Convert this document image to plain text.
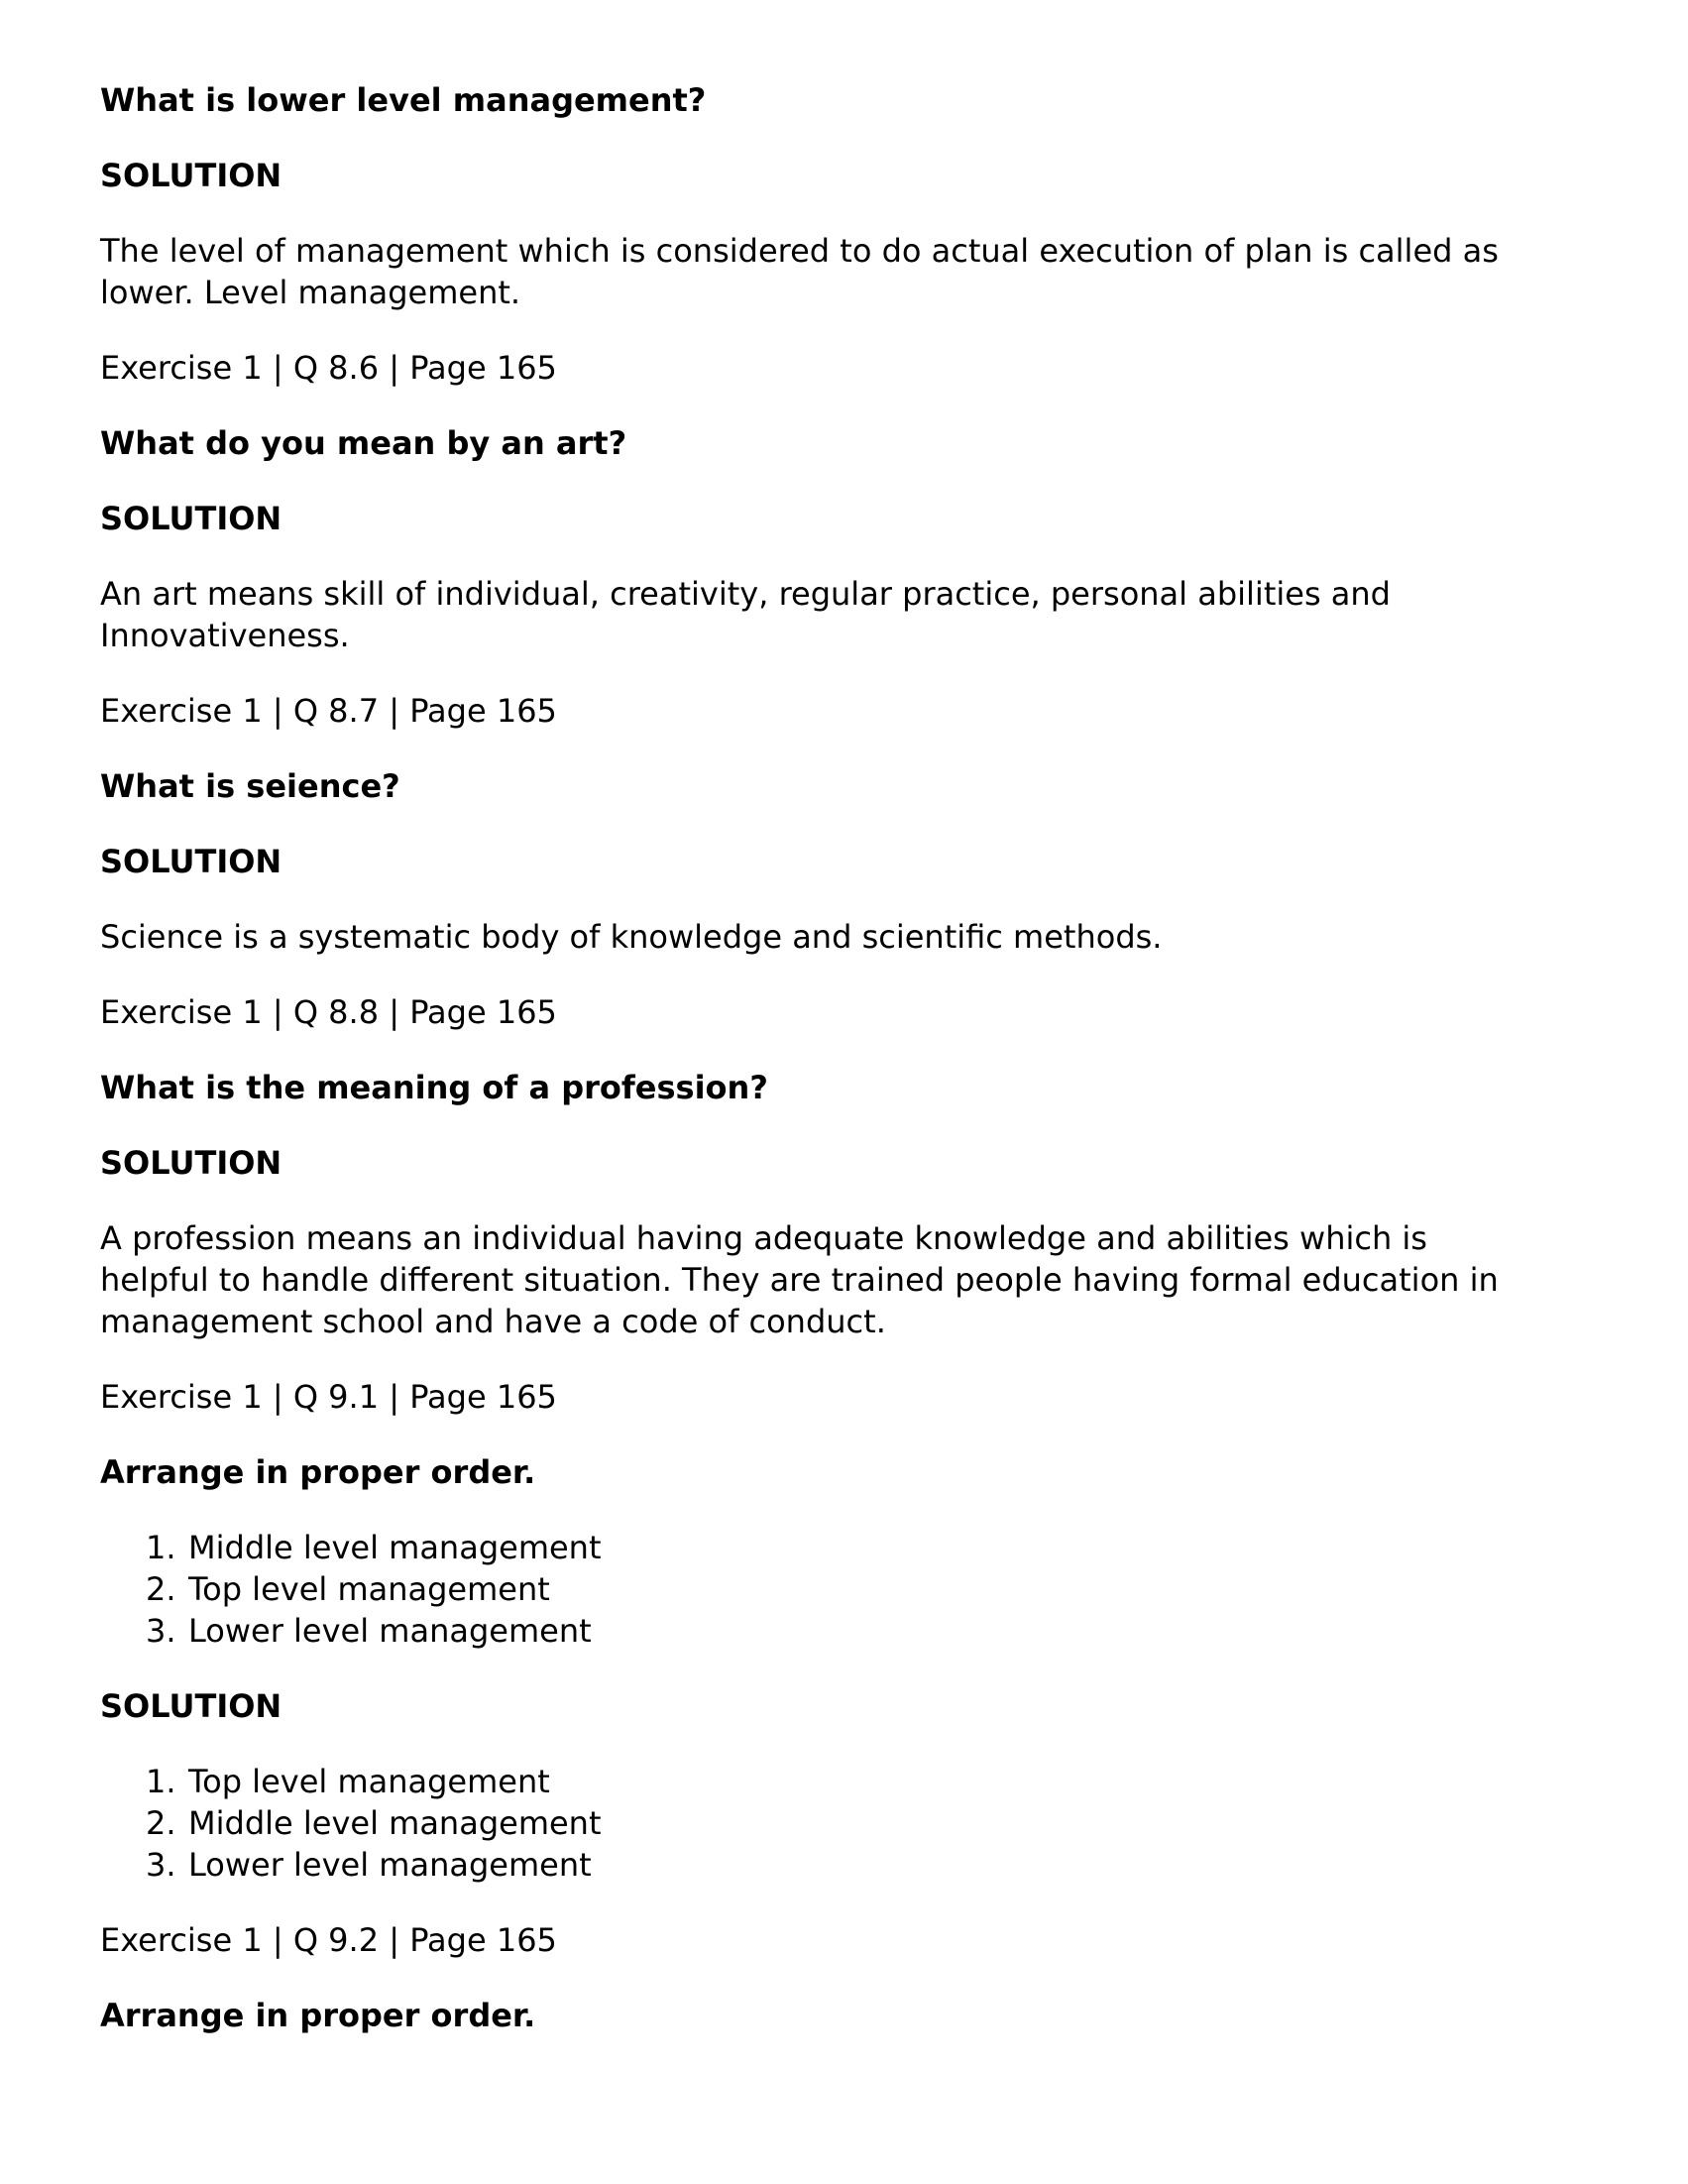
What is lower level management?
SOLUTION
The level of management which is considered to do actual execution of plan is called as
lower. Level management.
Exercise 1 | Q 8.6 | Page 165
What do you mean by an art?
SOLUTION
An art means skill of individual, creativity, regular practice, personal abilities and
Innovativeness.
Exercise 1 | Q 8.7 | Page 165
What is seience?
SOLUTION
Science is a systematic body of knowledge and scientific methods.
Exercise 1 | Q 8.8 | Page 165
What is the meaning of a profession?
SOLUTION
A profession means an individual having adequate knowledge and abilities which is
helpful to handle different situation. They are trained people having formal education in
management school and have a code of conduct.
Exercise 1 | Q 9.1 | Page 165
Arrange in proper order.
1. Middle level management
2. Top level management
3. Lower level management
SOLUTION
1. Top level management
2. Middle level management
3. Lower level management
Exercise 1 | Q 9.2 | Page 165
Arrange in proper order.
